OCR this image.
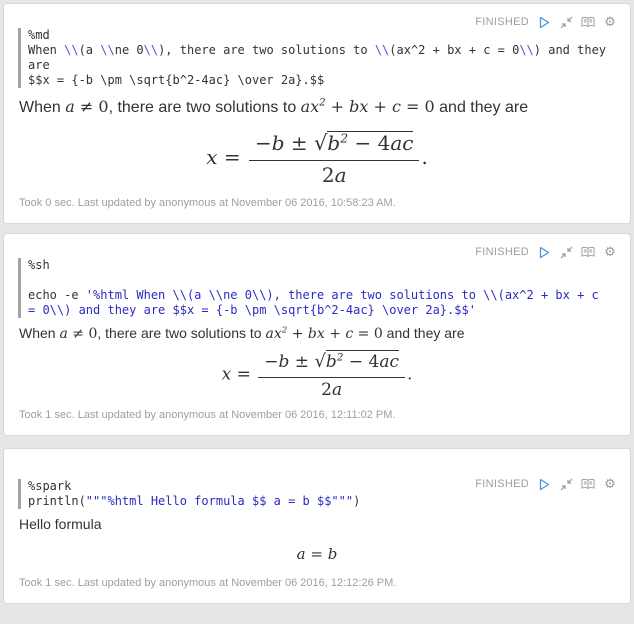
FINISHED	⚙
%md
When \\(a \\ne 0\\), there are two solutions to \\(ax^2 + bx + c = 0\\) and they
are
$$x = {-b \pm \sqrt{b^2-4ac} \over 2a}.$$

When a ≠ 0, there are two solutions to $ax^2$ + bx + c = 0 and they are

$x = \frac{-b \pm √b^2 - 4ac}{2a}$ .
Took 0 sec. Last updated by anonymous at November 06 2016, 10:58:23 AM.
FINISHED	⚙
%sh
echo -e '%html When \\(a \\ne 0\\), there are two solutions to \\(ax^2 + bx + c
= 0\\) and they are $$x = {-b \pm \sqrt{b^2-4ac} \over 2a}.$$'

When a ≠ 0, there are two solutions to $ax^2$ + bx + c = 0 and they are

$x = \frac{-b \pm √b^2 - 4ac}{2a}$ .
Took 1 sec. Last updated by anonymous at November 06 2016, 12:11:02 PM.
FINISHED	⚙
%spark
println("""%html Hello formula $$ a = b $$""")

Hello formula

a = b
Took 1 sec. Last updated by anonymous at November 06 2016, 12:12:26 PM.
